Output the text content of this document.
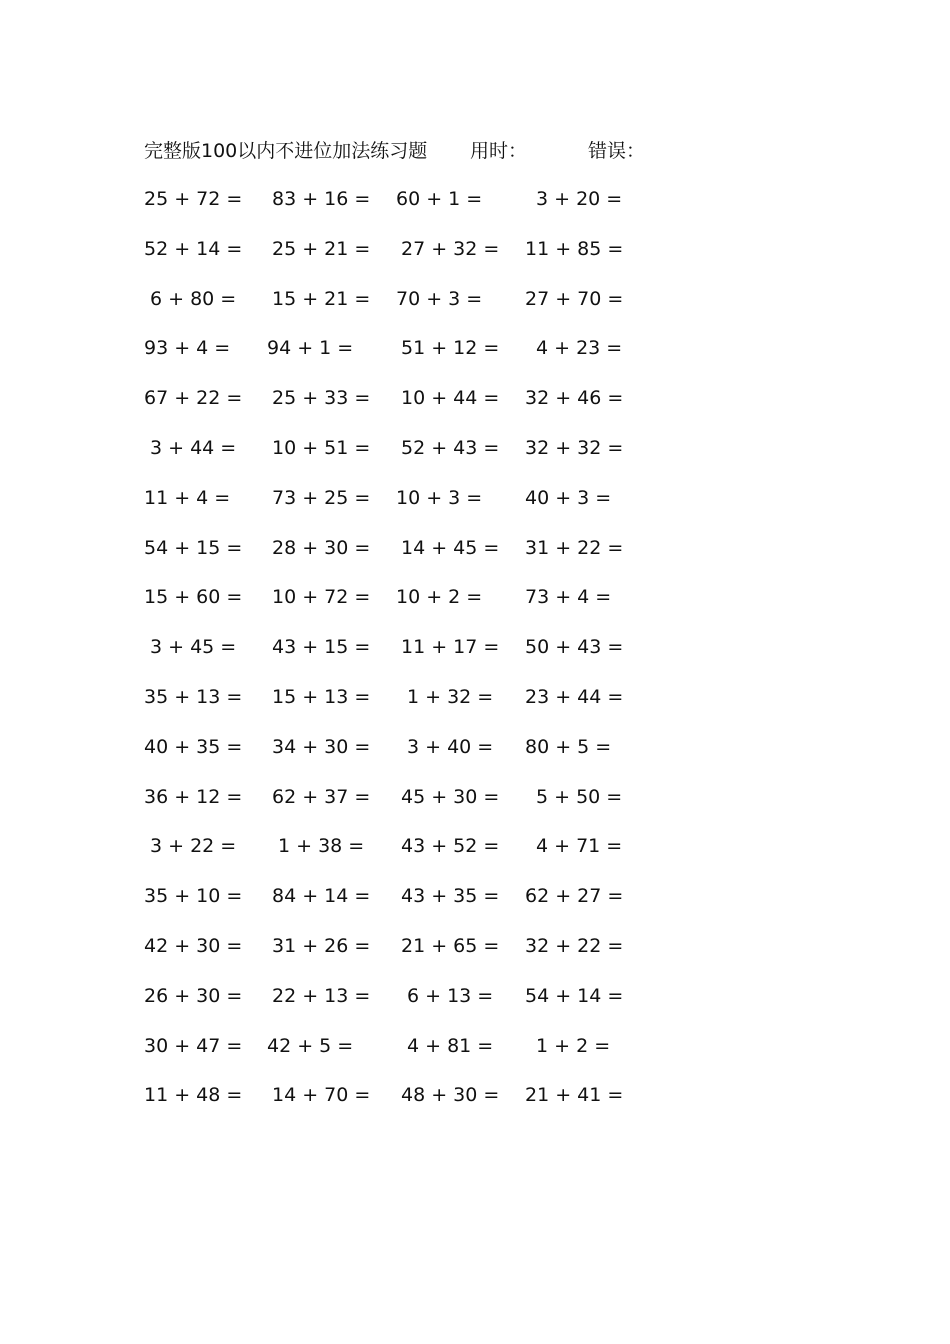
完整版100以内不进位加法练习题 用时：	错误：
25 + 72 =	83 + 16 =	60 + 1 =	3 + 20 =
52 + 14 =	25 + 21 =	27 + 32 =	11 + 85 =
6 + 80 =	15 + 21 =	70 + 3 =	27 + 70 =
93 + 4 =	94 + 1 =	51 + 12 =	4 + 23 =
67 + 22 =	25 + 33 =	10 + 44 =	32 + 46 =
3 + 44 =	10 + 51 =	52 + 43 =	32 + 32 =
11 + 4 =	73 + 25 =	10 + 3 =	40 + 3 =
54 + 15 =	28 + 30 =	14 + 45 =	31 + 22 =
15 + 60 =	10 + 72 =	10 + 2 =	73 + 4 =
3 + 45 =	43 + 15 =	11 + 17 =	50 + 43 =
35 + 13 =	15 + 13 =	1 + 32 =	23 + 44 =
40 + 35 =	34 + 30 =	3 + 40 =	80 + 5 =
36 + 12 =	62 + 37 =	45 + 30 =	5 + 50 =
3 + 22 =	1 + 38 =	43 + 52 =	4 + 71 =
35 + 10 =	84 + 14 =	43 + 35 =	62 + 27 =
42 + 30 =	31 + 26 =	21 + 65 =	32 + 22 =
26 + 30 =	22 + 13 =	6 + 13 =	54 + 14 =
30 + 47 =	42 + 5 =	4 + 81 =	1 + 2 =
11 + 48 =	14 + 70 =	48 + 30 =	21 + 41 =
